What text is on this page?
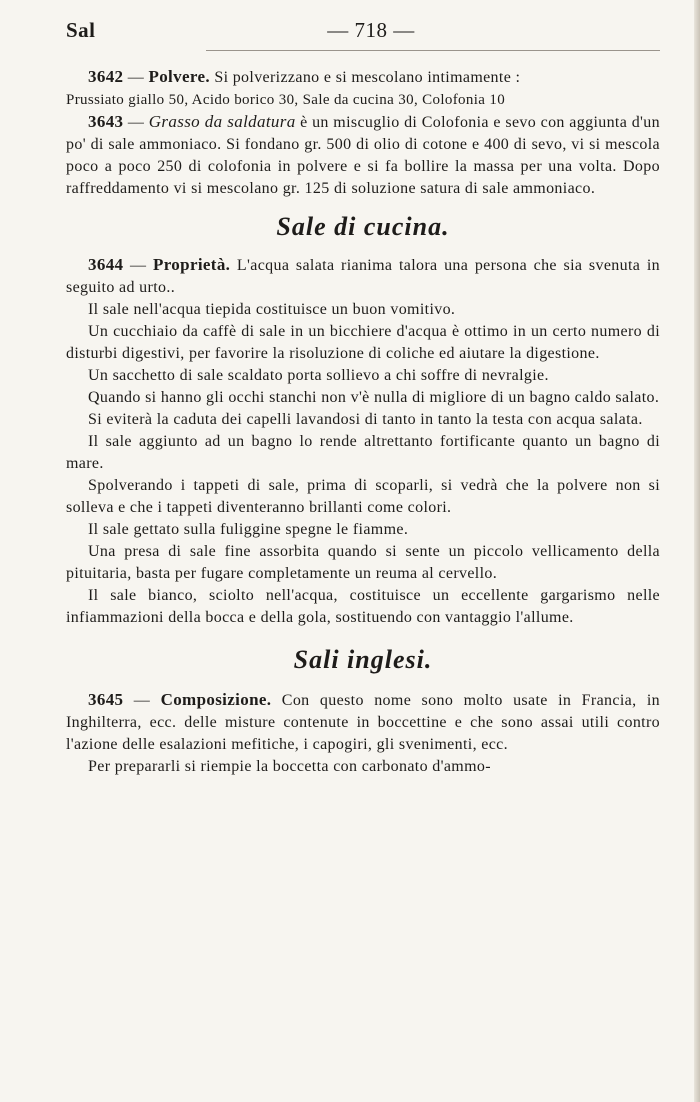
Sal	— 718 —

3642 — Polvere. Si polverizzano e si mescolano intimamente :

Prussiato giallo 50, Acido borico 30, Sale da cucina 30, Colofonia 10

3643 — Grasso da saldatura è un miscuglio di Colofonia e sevo con aggiunta d'un po' di sale ammoniaco. Si fondano gr. 500 di olio di cotone e 400 di sevo, vi si mescola poco a poco 250 di colofonia in polvere e si fa bollire la massa per una volta. Dopo raffreddamento vi si mescolano gr. 125 di soluzione satura di sale ammoniaco.

Sale di cucina.

3644 — Proprietà. L'acqua salata rianima talora una persona che sia svenuta in seguito ad urto..

Il sale nell'acqua tiepida costituisce un buon vomitivo.

Un cucchiaio da caffè di sale in un bicchiere d'acqua è ottimo in un certo numero di disturbi digestivi, per favorire la risoluzione di coliche ed aiutare la digestione.

Un sacchetto di sale scaldato porta sollievo a chi soffre di nevralgie.

Quando si hanno gli occhi stanchi non v'è nulla di migliore di un bagno caldo salato.

Si eviterà la caduta dei capelli lavandosi di tanto in tanto la testa con acqua salata.

Il sale aggiunto ad un bagno lo rende altrettanto fortificante quanto un bagno di mare.

Spolverando i tappeti di sale, prima di scoparli, si vedrà che la polvere non si solleva e che i tappeti diventeranno brillanti come colori.

Il sale gettato sulla fuliggine spegne le fiamme.

Una presa di sale fine assorbita quando si sente un piccolo vellicamento della pituitaria, basta per fugare completamente un reuma al cervello.

Il sale bianco, sciolto nell'acqua, costituisce un eccellente gargarismo nelle infiammazioni della bocca e della gola, sostituendo con vantaggio l'allume.

Sali inglesi.

3645 — Composizione. Con questo nome sono molto usate in Francia, in Inghilterra, ecc. delle misture contenute in boccettine e che sono assai utili contro l'azione delle esalazioni mefitiche, i capogiri, gli svenimenti, ecc.

Per prepararli si riempie la boccetta con carbonato d'ammo-
